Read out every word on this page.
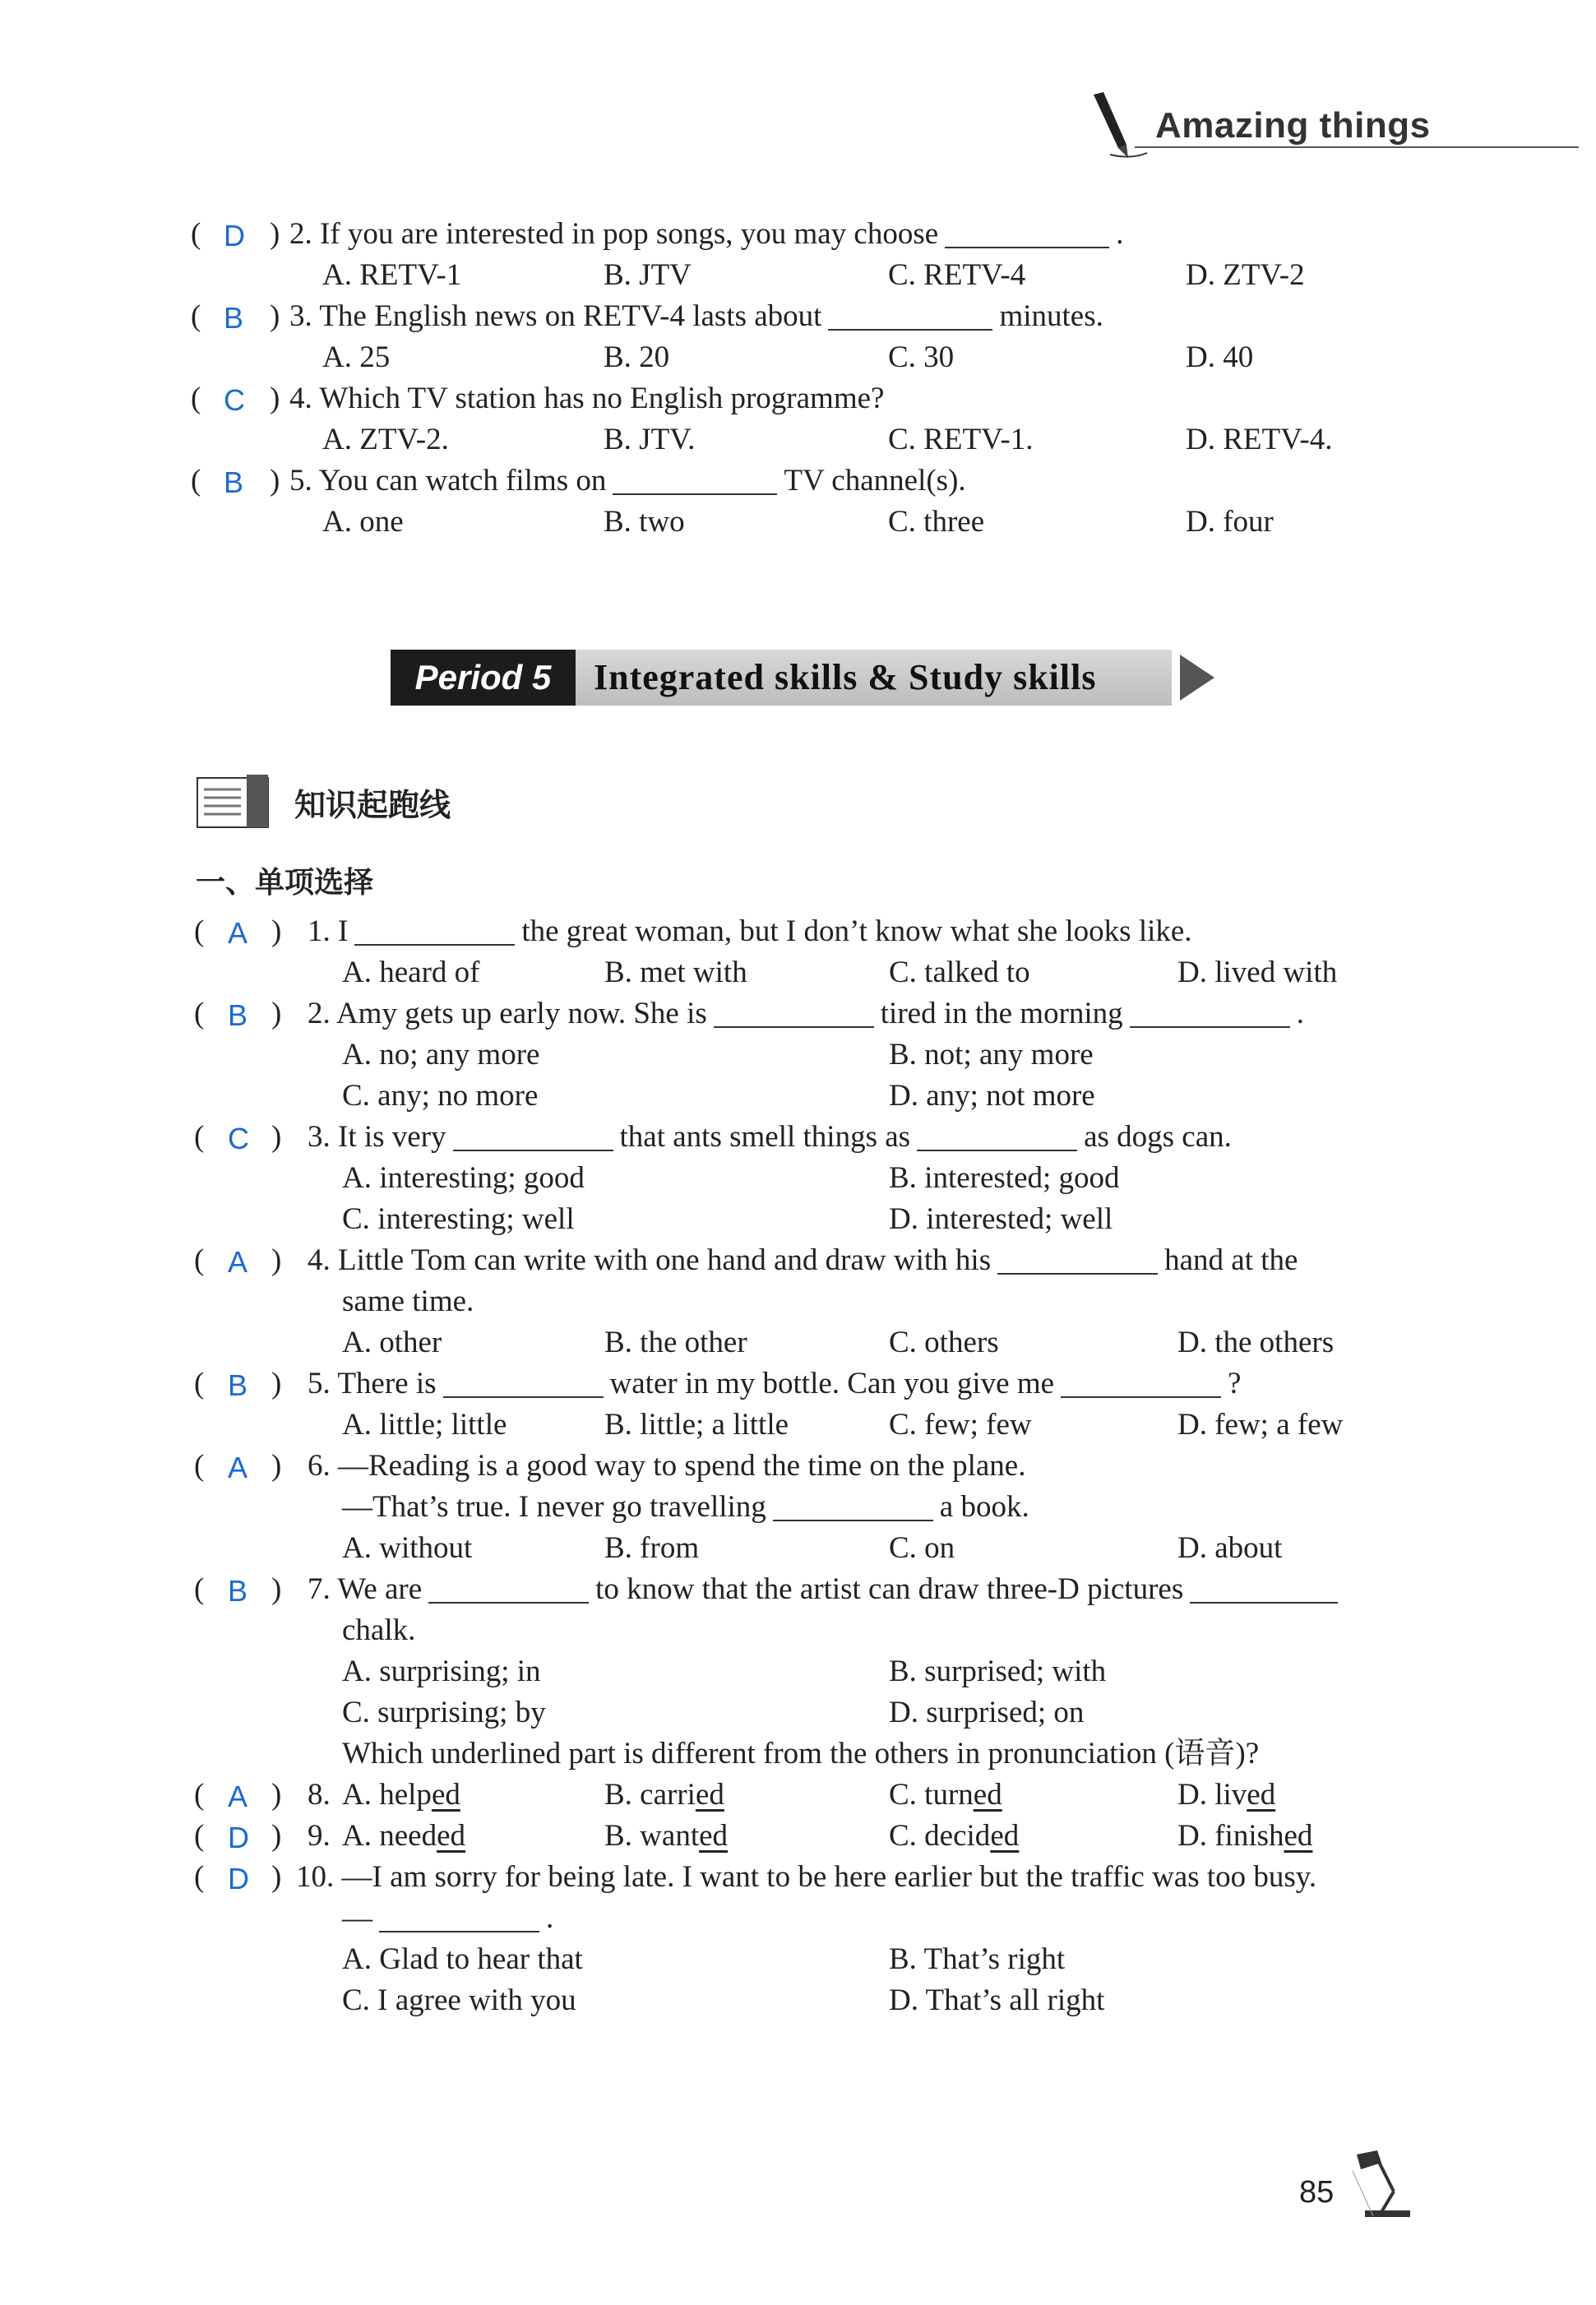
Amazing things
( D ) 2. If you are interested in pop songs, you may choose	.
A. RETV-1	B. JTV	C. RETV-4	D. ZTV-2
( B ) 3. The English news on RETV-4 lasts about	minutes.
A. 25	B. 20	C. 30	D. 40
( C ) 4. Which TV station has no English programme?
A. ZTV-2.	B. JTV.	C. RETV-1.	D. RETV-4.
( B ) 5. You can watch films on	TV channel(s).
A. one	B. two	C. three	D. four
Period 5	Integrated skills & Study skills
知识起跑线
一、单项选择
( A ) 1. I	the great woman, but I don’t know what she looks like.
A. heard of	B. met with	C. talked to	D. lived with
( B ) 2. Amy gets up early now. She is	tired in the morning	.
A. no; any more	B. not; any more
C. any; no more	D. any; not more
( C ) 3. It is very	that ants smell things as	as dogs can.
A. interesting; good	B. interested; good
C. interesting; well	D. interested; well
( A ) 4. Little Tom can write with one hand and draw with his	hand at the
same time.
A. other	B. the other	C. others	D. the others
( B ) 5. There is	water in my bottle. Can you give me	?
A. little; little	B. little; a little	C. few; few	D. few; a few
( A ) 6. —Reading is a good way to spend the time on the plane.
—That’s true. I never go travelling	a book.
A. without	B. from	C. on	D. about
( B ) 7. We are	to know that the artist can draw three-D pictures
chalk.
A. surprising; in	B. surprised; with
C. surprising; by	D. surprised; on
Which underlined part is different from the others in pronunciation (语音)?
( A ) 8. A. helped	B. carried	C. turned	D. lived
( D ) 9. A. needed	B. wanted	C. decided	D. finished
( D ) 10. —I am sorry for being late. I want to be here earlier but the traffic was too busy.
—	.
A. Glad to hear that	B. That’s right
C. I agree with you	D. That’s all right
85
